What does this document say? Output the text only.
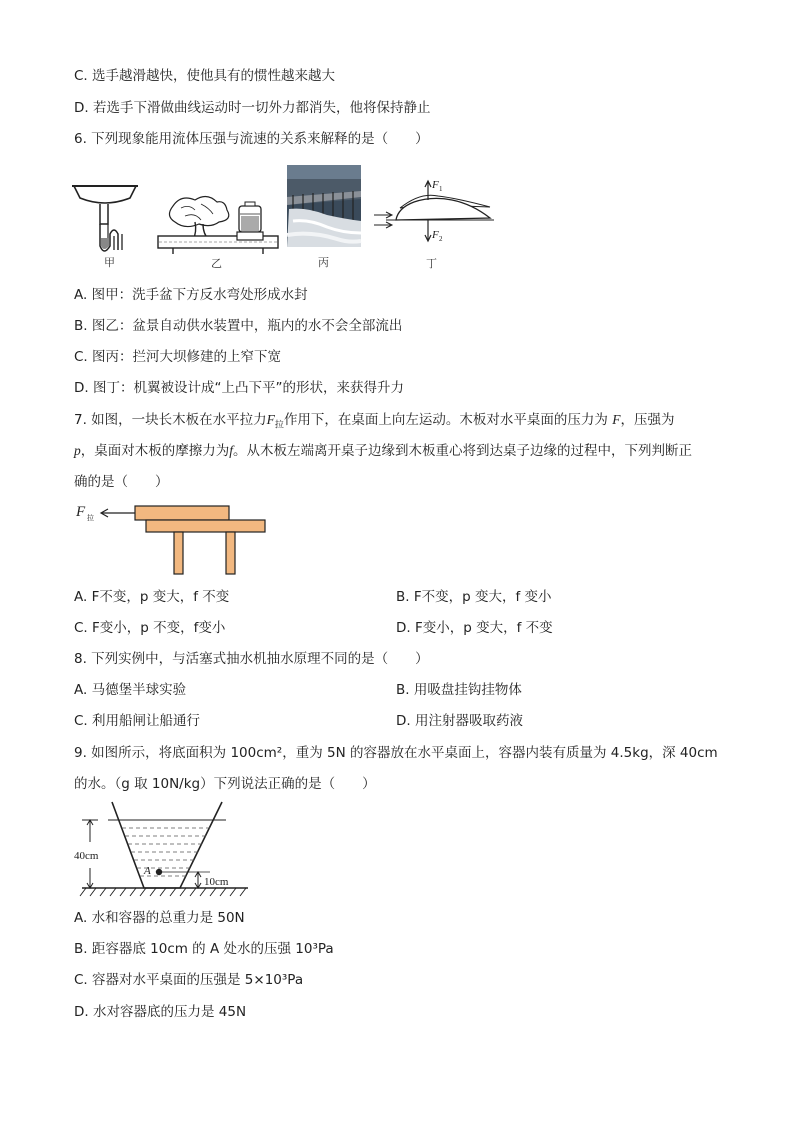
C. 选手越滑越快，使他具有的惯性越来越大
D. 若选手下滑做曲线运动时一切外力都消失，他将保持静止
6. 下列现象能用流体压强与流速的关系来解释的是（　　）
甲	乙	丙
F 1
F 2
丁
A. 图甲：洗手盆下方反水弯处形成水封
B. 图乙：盆景自动供水装置中，瓶内的水不会全部流出
C. 图丙：拦河大坝修建的上窄下宽
D. 图丁：机翼被设计成“上凸下平”的形状，来获得升力
7. 如图，一块长木板在水平拉力$F_拉$作用下，在桌面上向左运动。木板对水平桌面的压力为 F，压强为
p，桌面对木板的摩擦力为f。从木板左端离开桌子边缘到木板重心将到达桌子边缘的过程中，下列判断正
确的是（　　）
F 拉
A. F不变，p 变大，f 不变	B. F不变，p 变大，f 变小
C. F变小，p 不变，f变小	D. F变小，p 变大，f 不变
8. 下列实例中，与活塞式抽水机抽水原理不同的是（　　）
A. 马德堡半球实验	B. 用吸盘挂钩挂物体
C. 利用船闸让船通行	D. 用注射器吸取药液
9. 如图所示，将底面积为 100cm²，重为 5N 的容器放在水平桌面上，容器内装有质量为 4.5kg，深 40cm
的水。（g 取 10N/kg）下列说法正确的是（　　）
40cm
A
10cm
A. 水和容器的总重力是 50N
B. 距容器底 10cm 的 A 处水的压强 10³Pa
C. 容器对水平桌面的压强是 5×10³Pa
D. 水对容器底的压力是 45N
